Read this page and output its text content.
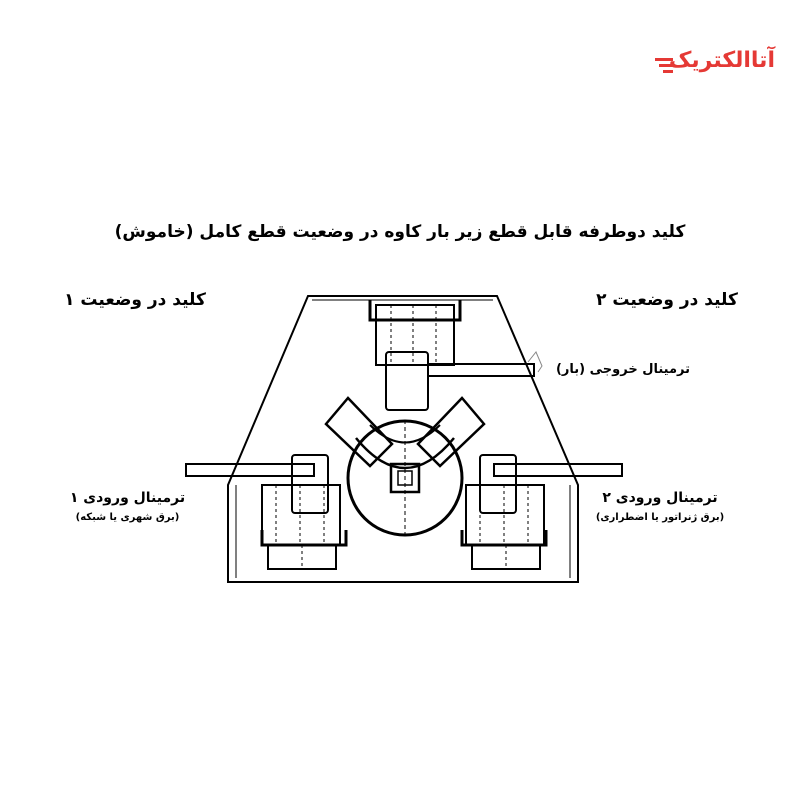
آتاالکتریک
کلید دوطرفه قابل قطع زیر بار کاوه در وضعیت قطع کامل (خاموش)
کلید در وضعیت ۱	کلید در وضعیت ۲
ترمینال خروجی (بار)
ترمینال ورودی ۱
(برق شهری یا شبکه)
ترمینال ورودی ۲
(برق ژنراتور یا اضطراری)
